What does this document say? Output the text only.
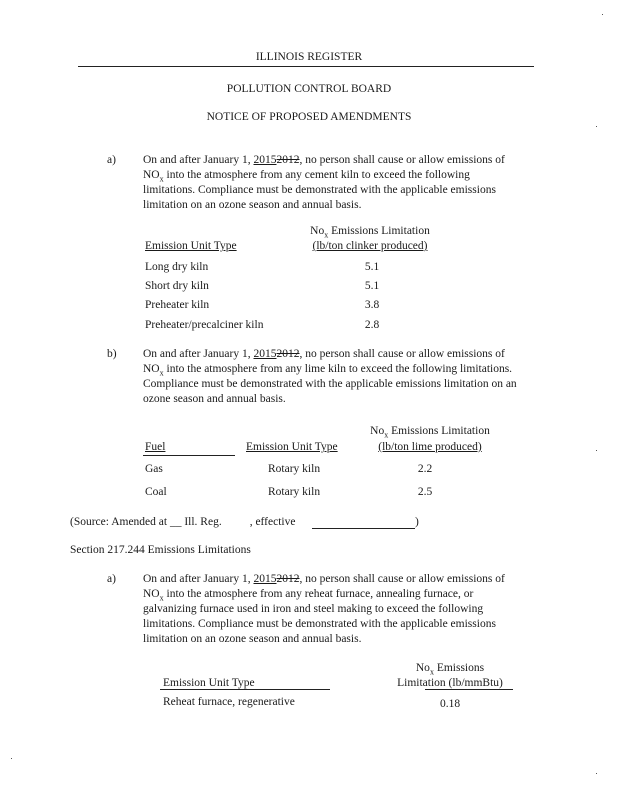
ILLINOIS REGISTER
POLLUTION CONTROL BOARD
NOTICE OF PROPOSED AMENDMENTS
a) On and after January 1, 20152012, no person shall cause or allow emissions of
$NO_x$ into the atmosphere from any cement kiln to exceed the following
limitations. Compliance must be demonstrated with the applicable emissions
limitation on an ozone season and annual basis.
$No_x$ Emissions Limitation
(lb/ton clinker produced)
Emission Unit Type
Long dry kiln	5.1
Short dry kiln	5.1
Preheater kiln	3.8
Preheater/precalciner kiln	2.8
b) On and after January 1, 20152012, no person shall cause or allow emissions of
$NO_x$ into the atmosphere from any lime kiln to exceed the following limitations.
Compliance must be demonstrated with the applicable emissions limitation on an
ozone season and annual basis.
$No_x$ Emissions Limitation
Fuel	Emission Unit Type	(lb/ton lime produced)
Gas	Rotary kiln	2.2
Coal	Rotary kiln	2.5
(Source: Amended at __ Ill. Reg. , effective	)
Section 217.244 Emissions Limitations
a) On and after January 1, 20152012, no person shall cause or allow emissions of
$NO_x$ into the atmosphere from any reheat furnace, annealing furnace, or
galvanizing furnace used in iron and steel making to exceed the following
limitations. Compliance must be demonstrated with the applicable emissions
limitation on an ozone season and annual basis.
$No_x$ Emissions
Emission Unit Type	Limitation (lb/mmBtu)
Reheat furnace, regenerative	0.18
